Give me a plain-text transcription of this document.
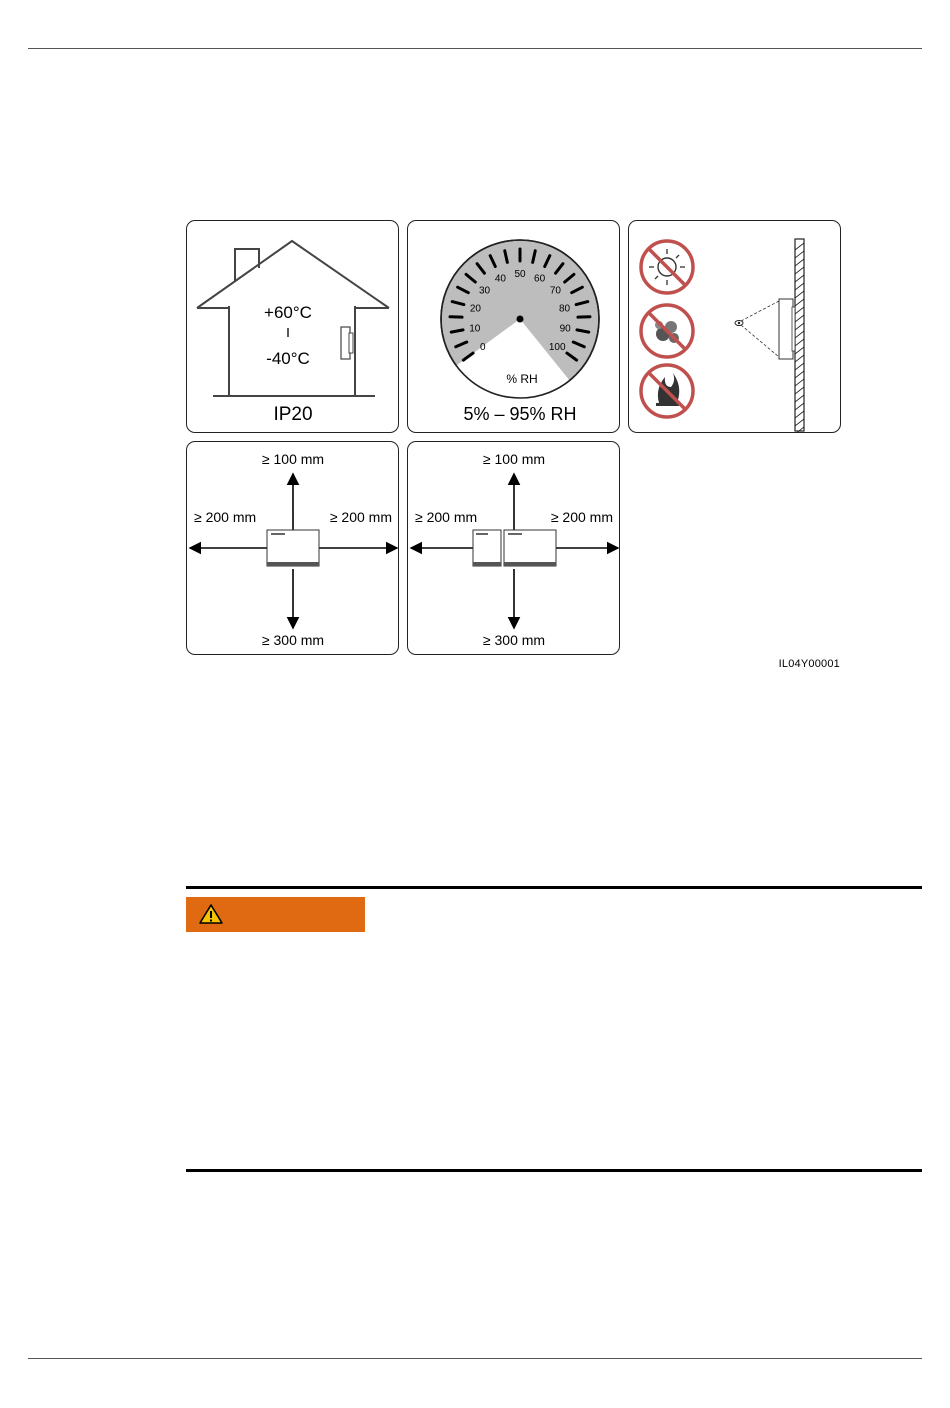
+60°C
-40°C
IP20
0
10
20
30
40 50 60
70
80
90
100
% RH
5% – 95% RH
≥ 100 mm
≥ 200 mm	≥ 200 mm
≥ 300 mm
≥ 100 mm
≥ 200 mm	≥ 200 mm
≥ 300 mm
IL04Y00001
